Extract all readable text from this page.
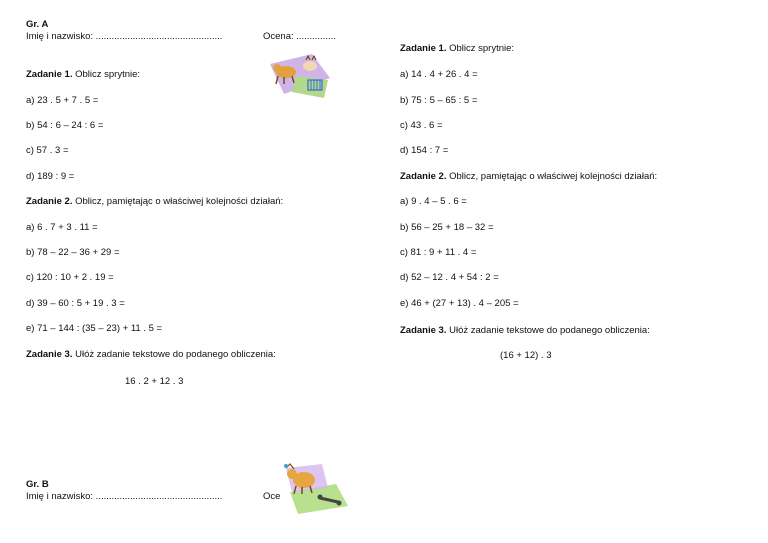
Gr. A
Imię i nazwisko: ................................................	Ocena: ...............
Zadanie 1. Oblicz sprytnie:
a) 23 . 5 + 7 . 5 =
b) 54 : 6 – 24 : 6 =
c) 57 . 3 =
d) 189 : 9 =
Zadanie 2. Oblicz, pamiętając o właściwej kolejności działań:
a) 6 . 7 + 3 . 11 =
b) 78 – 22 – 36 + 29 =
c) 120 : 10 + 2 . 19 =
d) 39 – 60 : 5 + 19 . 3 =
e) 71 – 144 : (35 – 23) + 11 . 5 =
Zadanie 3. Ułóż zadanie tekstowe do podanego obliczenia:
16 . 2 + 12 . 3
Gr. B
Imię i nazwisko: ................................................	Oce
Zadanie 1. Oblicz sprytnie:
a) 14 . 4 + 26 . 4 =
b) 75 : 5 – 65 : 5 =
c) 43 . 6 =
d) 154 : 7 =
Zadanie 2. Oblicz, pamiętając o właściwej kolejności działań:
a) 9 . 4 – 5 . 6 =
b) 56 – 25 + 18 – 32 =
c) 81 : 9 + 11 . 4 =
d) 52 – 12 . 4 + 54 : 2 =
e) 46 + (27 + 13) . 4 – 205 =
Zadanie 3. Ułóż zadanie tekstowe do podanego obliczenia:
(16 + 12) . 3
